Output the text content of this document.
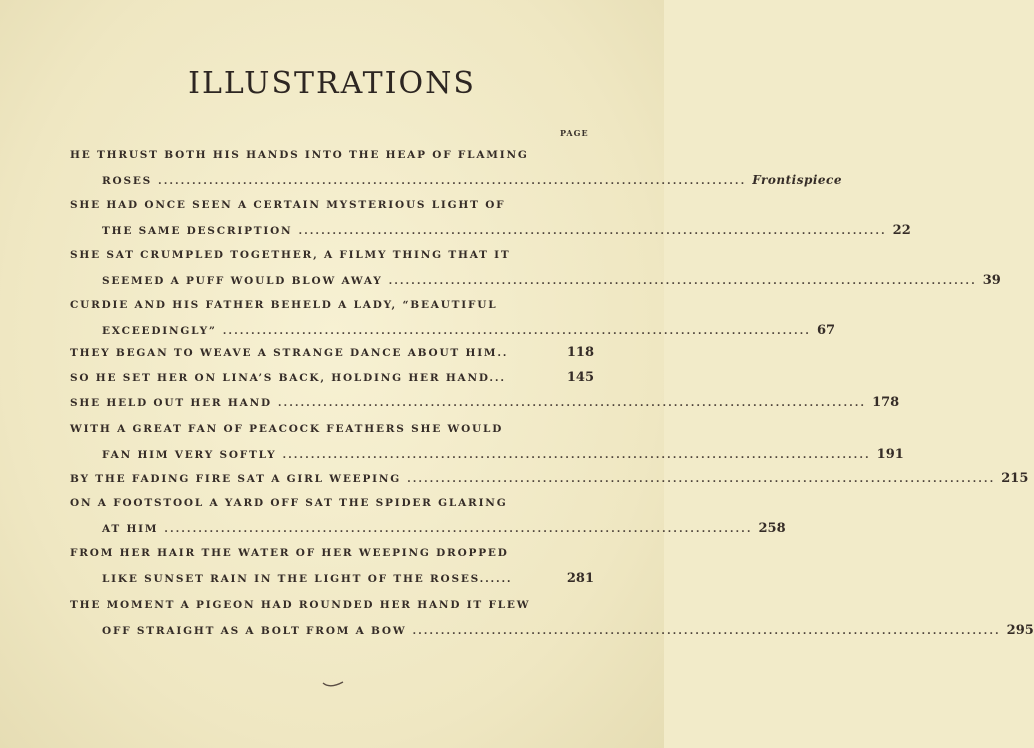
ILLUSTRATIONS
PAGE
HE THRUST BOTH HIS HANDS INTO THE HEAP OF FLAMING
ROSES ........................................................................................................ Frontispiece
SHE HAD ONCE SEEN A CERTAIN MYSTERIOUS LIGHT OF
THE SAME DESCRIPTION ........................................................................................................ 22
SHE SAT CRUMPLED TOGETHER, A FILMY THING THAT IT
SEEMED A PUFF WOULD BLOW AWAY ........................................................................................................ 39
CURDIE AND HIS FATHER BEHELD A LADY, “BEAUTIFUL
EXCEEDINGLY” ........................................................................................................ 67
THEY BEGAN TO WEAVE A STRANGE DANCE ABOUT HIM..	118
SO HE SET HER ON LINA’S BACK, HOLDING HER HAND...	145
SHE HELD OUT HER HAND ........................................................................................................ 178
WITH A GREAT FAN OF PEACOCK FEATHERS SHE WOULD
FAN HIM VERY SOFTLY ........................................................................................................ 191
BY THE FADING FIRE SAT A GIRL WEEPING ........................................................................................................ 215
ON A FOOTSTOOL A YARD OFF SAT THE SPIDER GLARING
AT HIM ........................................................................................................ 258
FROM HER HAIR THE WATER OF HER WEEPING DROPPED
LIKE SUNSET RAIN IN THE LIGHT OF THE ROSES......	281
THE MOMENT A PIGEON HAD ROUNDED HER HAND IT FLEW
OFF STRAIGHT AS A BOLT FROM A BOW ........................................................................................................ 295
